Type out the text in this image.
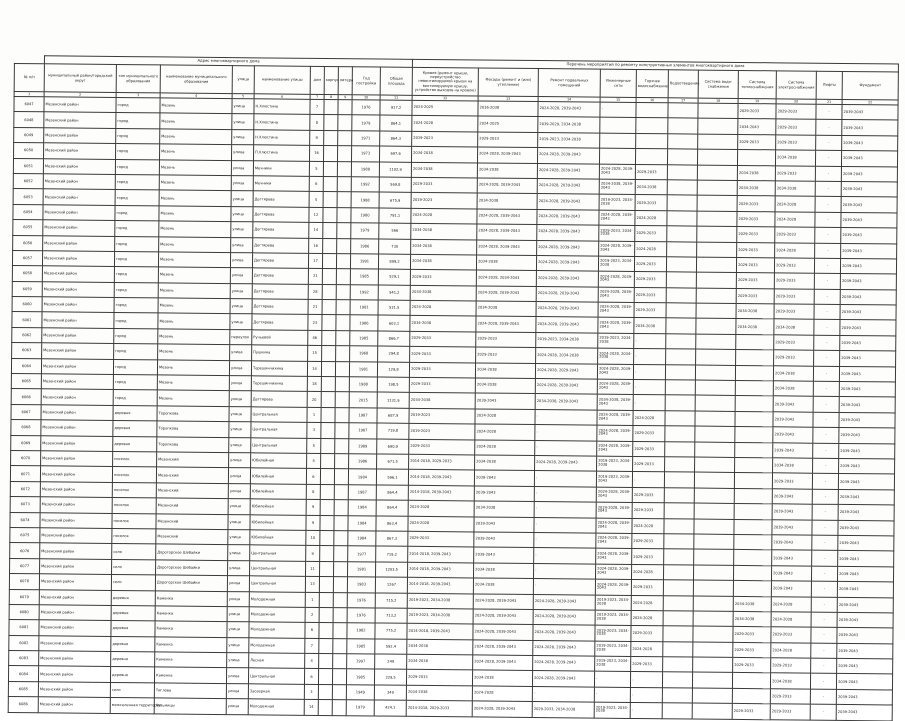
	Адрес многоквартирного дома										Перечень мероприятий по ремонту конструктивных элементов многоквартирного дома										
№ п/п	муниципальный район/городской округ	тип муниципального образования	наименование муниципального образования	улица	наименование улицы	дом	корпус	литера	Год постройки	Общая площадь	Кровля (ремонт крыши, переустройство невентилируемой крыши на вентилируемую крышу, устройство выходов на кровлю)	Фасады (ремонт и (или) утепление)	Ремонт подвальных помещений	Инженерные сети	Горячее водоснабжение	Водоотведение	Система водо-снабжения	Система теплоснабжения	Система электроснабжения	Лифты	Фундамент
1	2	3	4	5	6	7	8	9	10	11	12	13	14	15	16	17	18	19	20	21	22
6047	Мезенский район	город	Мезень	улица	Н.Хлюстина	7			1976	917,2	2024-2025	2036-2038	2024-2028, 2039-2043	-				2029-2033	2029-2033	-	2039-2043
6048	Мезенский район	город	Мезень	улица	Н.Хлюстина	8			1979	864,1	2024-2028	2024-2025	2039-2029, 2034-2038					2034-2043	2029-2033	-	2039-2043
6049	Мезенский район	город	Мезень	улица	Н.Хлюстина	9			1971	864,3	2019-2023	2029-2033	2019-2023, 2034-2038					2029-2033	2029-2033	-	2039-2043
6050	Мезенский район	город	Мезень	улица	П.Хлюстина	16			1973	697,6	2034-2038	2024-2028, 2039-2043	2024-2028, 2039-2043						2034-2038	-	2039-2043
6051	Мезенский район	город	Мезень	улица	Мечники	5			1988	1102,9	2034-2038	2034-2038	2024-2028, 2039-2043	2024-2028, 2039-2043	2029-2033			2034-2038	2029-2033	-	2039-2043
6052	Мезенский район	город	Мезень	улица	Мечники	6			1992	569,8	2029-2033	2024-2028, 2039-2043	2024-2028, 2039-2043	2034-2038, 2039-2043	2034-2038			2034-2038	2034-2038	-	2039-2043
6053	Мезенский район	город	Мезень	улица	Дегтярева	5			1988	675,9	2019-2023	2034-2038	2024-2028, 2039-2043	2019-2023, 2034-2038	2029-2033			2029-2033	2024-2028	-	2039-2043
6054	Мезенский район	город	Мезень	улица	Дегтярева	12			1980	791,1	2024-2028	2024-2028, 2039-2043	2024-2028, 2039-2043	2024-2028, 2039-2043	2024-2028			2029-2033	2024-2028	-	2039-2043
6055	Мезенский район	город	Мезень	улица	Дегтярева	14			1979	566	2034-2038	2024-2028, 2039-2043	2024-2028, 2039-2043	2029-2033, 2034-2038	2029-2033			2029-2033	2029-2033	-	2039-2043
6056	Мезенский район	город	Мезень	улица	Дегтярева	16			1986	730	2034-2038	2024-2028, 2039-2043	2024-2028, 2039-2043	2024-2028, 2039-2043	2024-2028			2029-2033	2024-2028	-	2039-2043
6057	Мезенский район	город	Мезень	улица	Дегтярева	17			1991	899,2	2034-2038	2034-2038	2024-2028, 2039-2043	2019-2023, 2034-2038	2029-2033			2029-2033	2029-2033	-	2039-2043
6058	Мезенский район	город	Мезень	улица	Дегтярева	21			1985	529,1	2029-2033	2024-2028, 2034-2043	2024-2028, 2039-2043	2024-2028, 2039-2043	2029-2033			2029-2033	2029-2033	-	2039-2043
6059	Мезенский район	город	Мезень	улица	Дегтярева	28			1992	541,2	2034-2038	2024-2028, 2039-2043	2024-2028, 2039-2043	2024-2028, 2039-2043	2029-2033			2029-2033	2029-2033	-	2039-2043
6060	Мезенский район	город	Мезень	улица	Дегтярева	21			1981	531,5	2024-2028	2034-2038	2024-2028, 2039-2043	2024-2028, 2039-2043	2029-2033			2034-2038	2029-2033	-	2039-2043
6061	Мезенский район	город	Мезень	улица	Дегтярева	23			1986	603,1	2034-2038	2024-2028, 2039-2043	2024-2028, 2039-2043	2024-2028, 2039-2043	2034-2038			2034-2038	2034-2038	-	2039-2043
6062	Мезенский район	город	Мезень	переулок	Ручьевой	46			1985	866,7	2029-2033	2029-2033	2019-2023, 2034-2038	2019-2023, 2034-2038	-				2029-2033	-	2039-2043
6063	Мезенский район	город	Мезень	улица	Пушкина	15			1968	294,8	2029-2033	2029-2033	2024-2028, 2034-2038	2024-2028, 2034-2038	-				2029-2033	-	2039-2043
6064	Мезенский район	город	Мезень	улица	Терешинчихина	14			1981	129,8	2029-2033	2034-2038	2024-2028, 2029-2043	2024-2028, 2039-2043	-				2034-2038	-	2039-2043
6065	Мезенский район	город	Мезень	улица	Терешинчихина	18			1988	198,5	2029-2033	2034-2038	2024-2028, 2039-2043	2024-2028, 2039-2043	-				2034-2038	-	2039-2043
6066	Мезенский район	город	Мезень	улица	Дегтярева	20			2015	1131,9	2034-2038	2039-2043	2034-2038, 2039-2043	2034-2038, 2039-2043	-				2039-2043	-	2039-2043
6067	Мезенский район	деревня	Торопкова	улица	Центральная	1			1987	687,9	2019-2023	2024-2028	-	2024-2028, 2039-2043	2024-2028				2039-2043	-	2039-2043
6068	Мезенский район	деревня	Торопкова	улица	Центральная	3			1987	719,8	2019-2023	2024-2028	-	2024-2028, 2039-2043	2029-2033				2039-2043	-	2039-2043
6069	Мезенский район	деревня	Торопкова	улица	Центральная	5			1989	690,9	2029-2033	2024-2028	-	2024-2028, 2039-2043	2029-2033				2039-2043	-	2039-2043
6070	Мезенский район	поселок	Мезенский	улица	Юбилейная	4			1986	671,5	2014-2018, 2029-2033	2034-2038	2024-2028, 2039-2043	2019-2023, 2034-2038	2029-2033				2034-2038	-	2039-2043
6071	Мезенский район	поселок	Мезенский	улица	Юбилейная	6			1984	596,1	2014-2018, 2039-2043	2039-2043	-	2019-2023, 2039-2043	-				2029-2033	-	2039-2043
6072	Мезенский район	поселок	Мезенский	улица	Юбилейная	8			1987	864,4	2014-2018, 2039-2043	2039-2043	-	2024-2028, 2039-2043	2029-2033				2039-2043	-	2039-2043
6073	Мезенский район	поселок	Мезенский	улица	Юбилейная	9			1984	864,4	2024-2028	2034-2038	-	2024-2028, 2039-2043	2029-2033				2039-2043	-	2039-2043
6074	Мезенский район	поселок	Мезенский	улица	Юбилейная	9			1984	863,4	2024-2028	2039-2043	-	2024-2028, 2039-2043	2024-2028				2039-2043	-	2039-2043
6075	Мезенский район	поселок	Мезенский	улица	Юбилейная	10			1984	867,3	2029-2033	2039-2043	-	2024-2028, 2039-2043	2029-2033				2039-2043	-	2039-2043
6076	Мезенский район	село	Дорогорское Шебайки	улица	Центральная	9			1977	719,2	2014-2018, 2039-2043	2039-2043	-	2024-2028, 2039-2043	2029-2033				2039-2043	-	2039-2043
6077	Мезенский район	село	Дорогорское Шебайки	улица	Центральная	11			1981	1203,5	2014-2018, 2039-2043	2034-2038	-	2024-2028, 2039-2043	2024-2028				2039-2043	-	2039-2043
6078	Мезенский район	село	Дорогорское Шебайки	улица	Центральная	13			1983	1267	2014-2018, 2039-2043	2034-2038	-	2024-2028, 2039-2043	2029-2033				2039-2043	-	2039-2043
6079	Мезенский район	деревня	Каменка	улица	Молодежная	1			1976	715,2	2019-2023, 2034-2038	2024-2028, 2039-2043	2024-2028, 2039-2043	2019-2023, 2034-2038	2024-2028			2034-2038	2024-2028	-	2039-2043
6080	Мезенский район	деревня	Каменка	улица	Молодежная	2			1976	713,2	2019-2023, 2034-2038	2024-2028, 2039-2043	2024-2028, 2039-2043	2019-2023, 2034-2038	2024-2028			2034-2038	2024-2028	-	2039-2043
6081	Мезенский район	деревня	Каменка	улица	Молодежная	6			1982	775,2	2014-2018, 2039-2043	2024-2028, 2039-2043	2024-2028, 2039-2043	2019-2023, 2034-2038	2029-2033			2029-2033	2029-2033	-	2039-2043
6082	Мезенский район	деревня	Каменка	улица	Молодежная	7			1985	592,4	2034-2038	2024-2028, 2039-2043	2024-2028, 2039-2043	2019-2023, 2034-2038	2024-2028			2029-2033	2024-2028	-	2039-2043
6083	Мезенский район	деревня	Каменка	улица	Лесная	4			1997	249	2034-2038	2024-2028, 2039-2043	2024-2028, 2039-2043	2019-2023, 2034-2038	2029-2033			2029-2033	2029-2033	-	2039-2043
6084	Мезенский район	деревня	Каменка	улица	Центральная	6			1985	329,5	2029-2033	2034-2038	2024-2028, 2039-2043	-	-				2034-2038	-	2039-2043
6085	Мезенский район	село	Тиглова	улица	Заозерная	3			1949	349	2034-2038	2024-2028	-	-	-				2029-2033	-	2039-2043
6086	Мезенский район	межселенная территория	Кузьмицы	улица	Молодежная	14			1979	424,1	2014-2018, 2029-2033	2024-2028, 2039-2043	2029-2033, 2034-2038	2019-2023, 2034-2038	-			2029-2033	2029-2033	-	2039-2043
